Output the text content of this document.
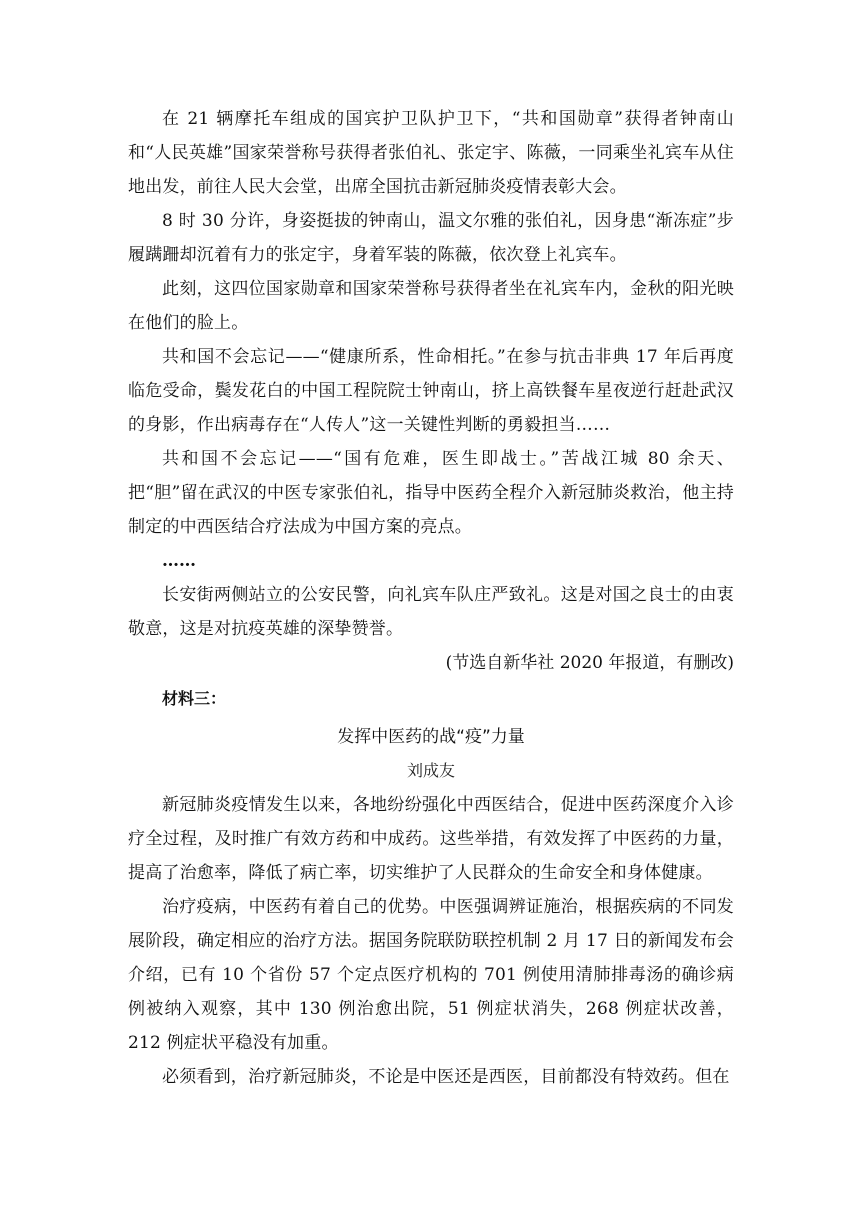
在 21 辆摩托车组成的国宾护卫队护卫下，“共和国勋章”获得者钟南山和“人民英雄”国家荣誉称号获得者张伯礼、张定宇、陈薇，一同乘坐礼宾车从住地出发，前往人民大会堂，出席全国抗击新冠肺炎疫情表彰大会。

8 时 30 分许，身姿挺拔的钟南山，温文尔雅的张伯礼，因身患“渐冻症”步履蹒跚却沉着有力的张定宇，身着军装的陈薇，依次登上礼宾车。

此刻，这四位国家勋章和国家荣誉称号获得者坐在礼宾车内，金秋的阳光映在他们的脸上。

共和国不会忘记——“健康所系，性命相托。”在参与抗击非典 17 年后再度临危受命，鬓发花白的中国工程院院士钟南山，挤上高铁餐车星夜逆行赶赴武汉的身影，作出病毒存在“人传人”这一关键性判断的勇毅担当……

共和国不会忘记——“国有危难，医生即战士。”苦战江城 80 余天、把“胆”留在武汉的中医专家张伯礼，指导中医药全程介入新冠肺炎救治，他主持制定的中西医结合疗法成为中国方案的亮点。

……

长安街两侧站立的公安民警，向礼宾车队庄严致礼。这是对国之良士的由衷敬意，这是对抗疫英雄的深挚赞誉。

(节选自新华社 2020 年报道，有删改)

材料三：

发挥中医药的战“疫”力量

刘成友

新冠肺炎疫情发生以来，各地纷纷强化中西医结合，促进中医药深度介入诊疗全过程，及时推广有效方药和中成药。这些举措，有效发挥了中医药的力量，提高了治愈率，降低了病亡率，切实维护了人民群众的生命安全和身体健康。

治疗疫病，中医药有着自己的优势。中医强调辨证施治，根据疾病的不同发展阶段，确定相应的治疗方法。据国务院联防联控机制 2 月 17 日的新闻发布会介绍，已有 10 个省份 57 个定点医疗机构的 701 例使用清肺排毒汤的确诊病例被纳入观察，其中 130 例治愈出院，51 例症状消失，268 例症状改善，212 例症状平稳没有加重。

必须看到，治疗新冠肺炎，不论是中医还是西医，目前都没有特效药。但在
